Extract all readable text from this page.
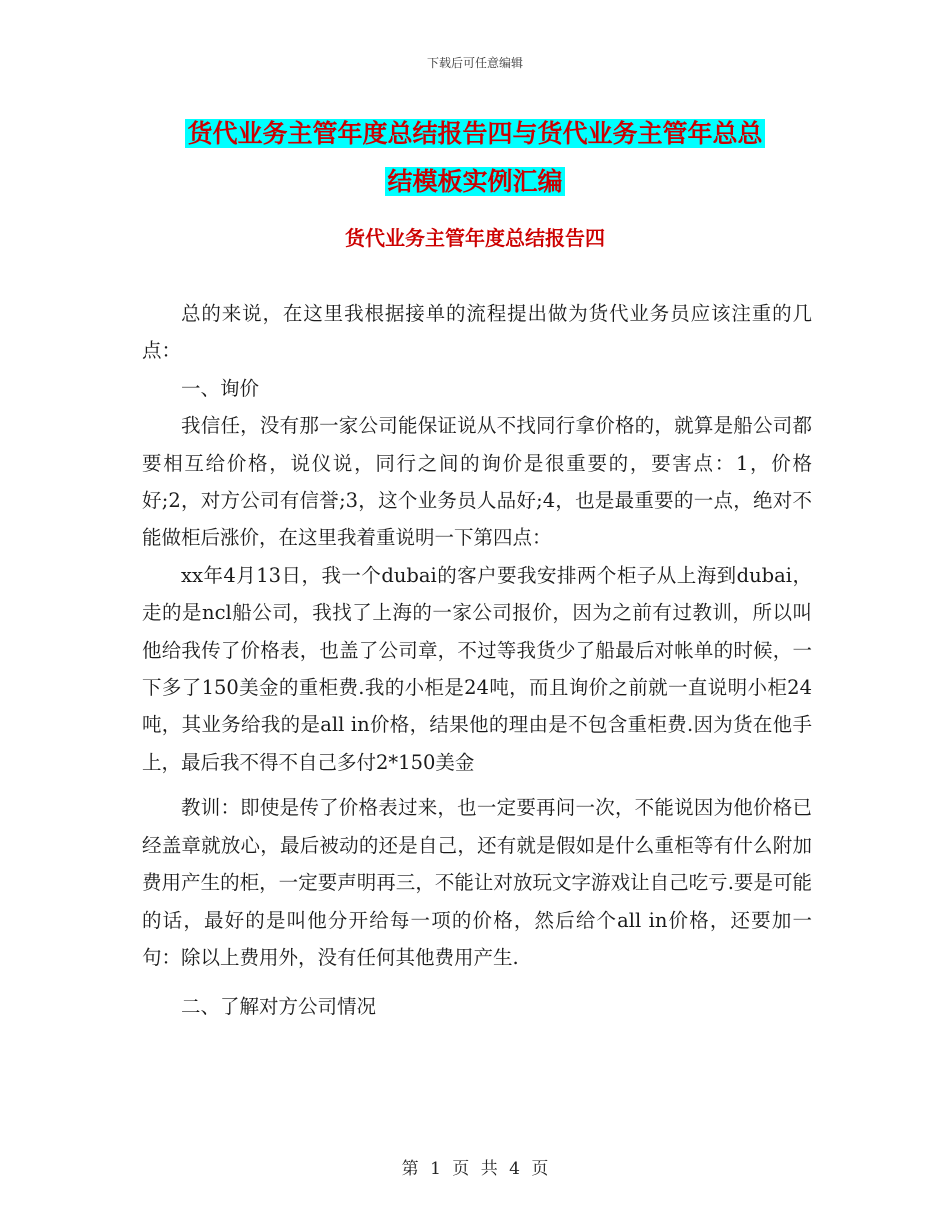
下载后可任意编辑
货代业务主管年度总结报告四与货代业务主管年总总
结模板实例汇编
货代业务主管年度总结报告四

总的来说，在这里我根据接单的流程提出做为货代业务员应该注重的几点：

一、询价

我信任，没有那一家公司能保证说从不找同行拿价格的，就算是船公司都要相互给价格，说仪说，同行之间的询价是很重要的，要害点：1，价格好;2，对方公司有信誉;3，这个业务员人品好;4，也是最重要的一点，绝对不能做柜后涨价，在这里我着重说明一下第四点：

xx年4月13日，我一个dubai的客户要我安排两个柜子从上海到dubai，走的是ncl船公司，我找了上海的一家公司报价，因为之前有过教训，所以叫他给我传了价格表，也盖了公司章，不过等我货少了船最后对帐单的时候，一下多了150美金的重柜费.我的小柜是24吨，而且询价之前就一直说明小柜24吨，其业务给我的是all in价格，结果他的理由是不包含重柜费.因为货在他手上，最后我不得不自己多付2*150美金

教训：即使是传了价格表过来，也一定要再问一次，不能说因为他价格已经盖章就放心，最后被动的还是自己，还有就是假如是什么重柜等有什么附加费用产生的柜，一定要声明再三，不能让对放玩文字游戏让自己吃亏.要是可能的话，最好的是叫他分开给每一项的价格，然后给个all in价格，还要加一句：除以上费用外，没有任何其他费用产生.

二、了解对方公司情况

第 1 页 共 4 页
